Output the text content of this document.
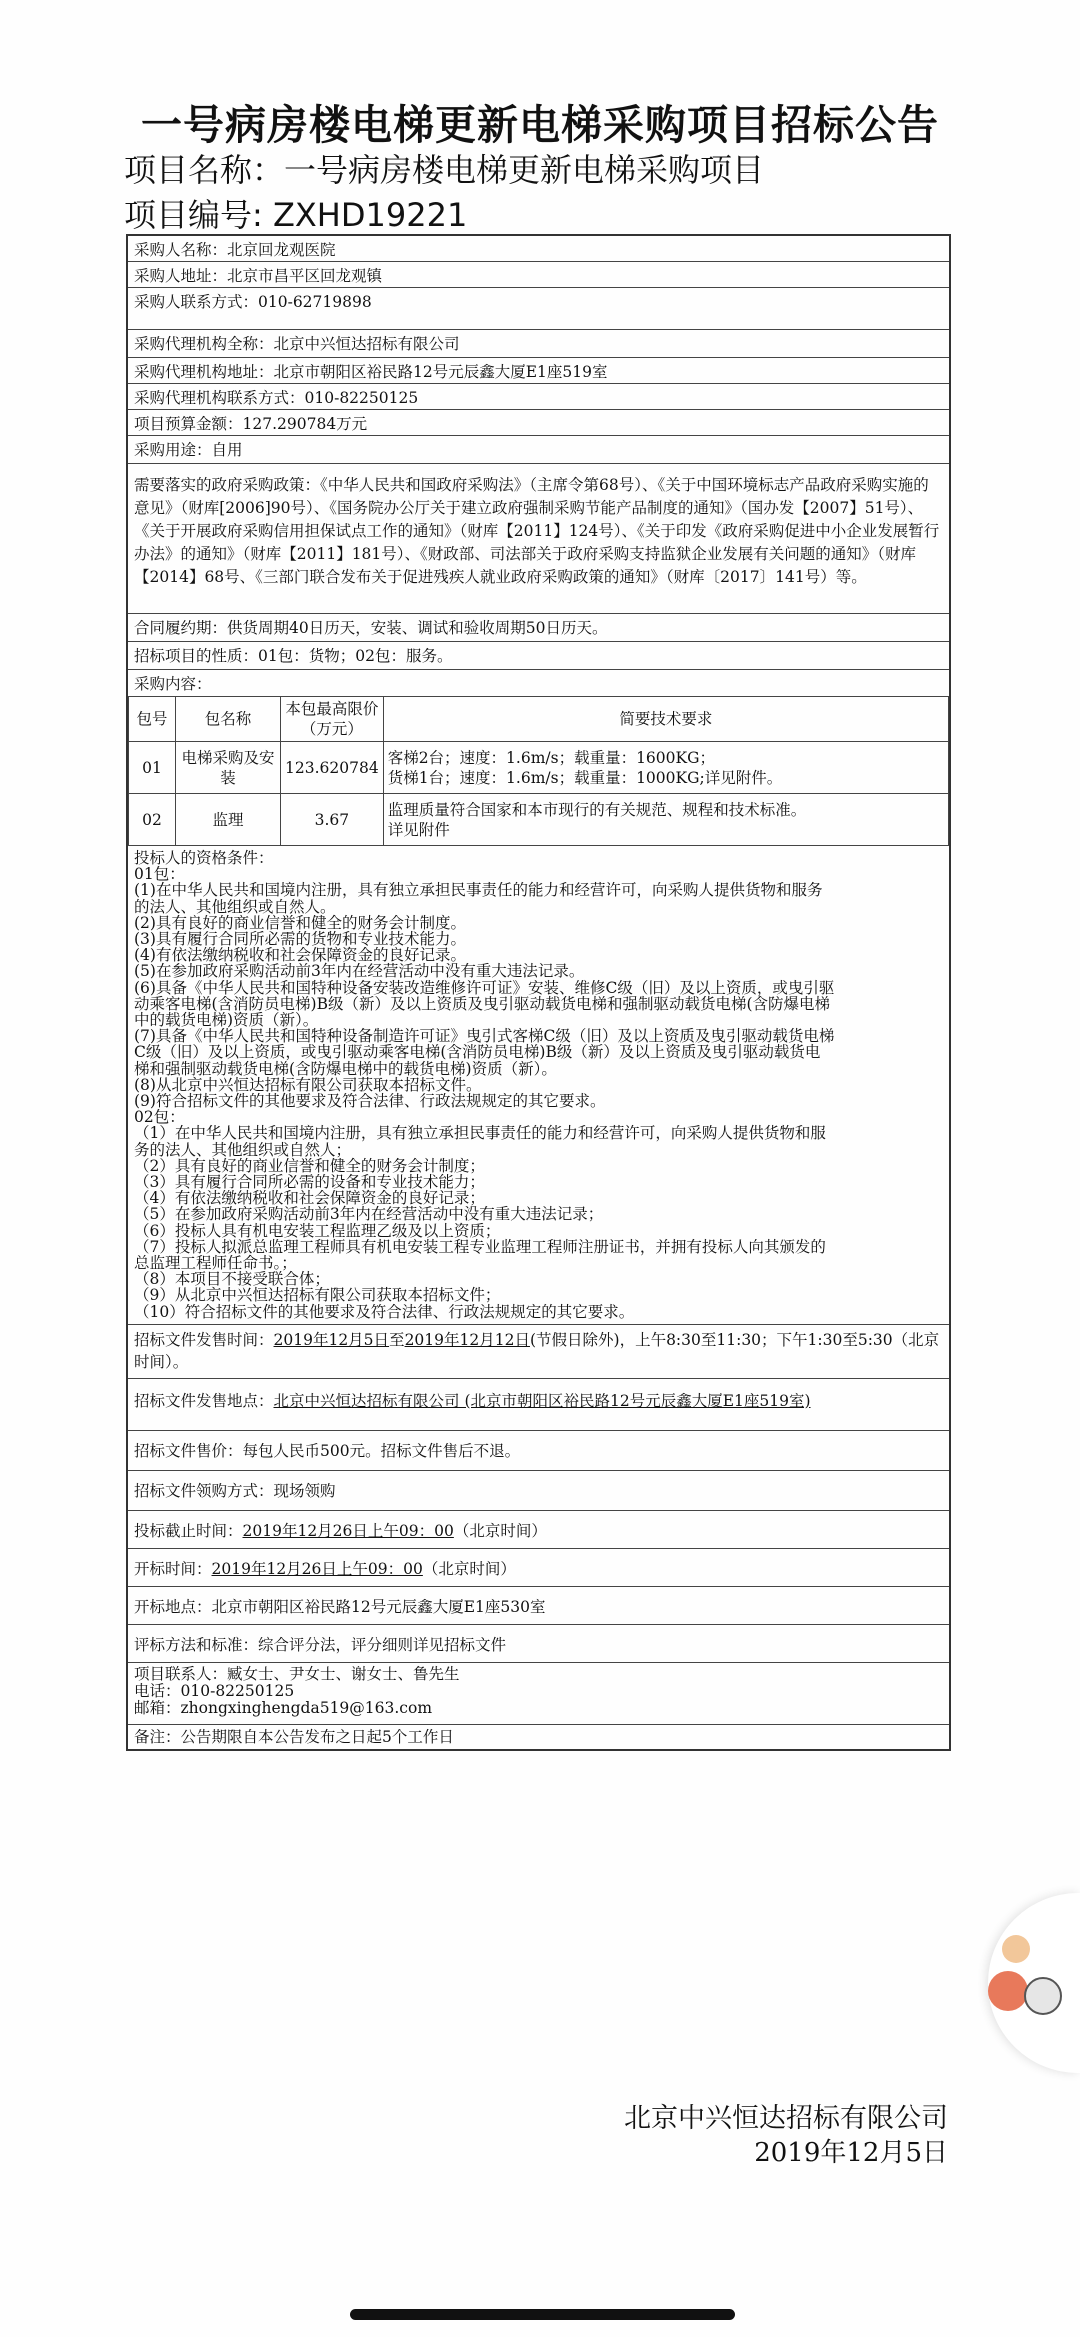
一号病房楼电梯更新电梯采购项目招标公告
项目名称：一号病房楼电梯更新电梯采购项目
项目编号: ZXHD19221
采购人名称：北京回龙观医院
采购人地址：北京市昌平区回龙观镇
采购人联系方式：010-62719898
采购代理机构全称：北京中兴恒达招标有限公司
采购代理机构地址：北京市朝阳区裕民路12号元辰鑫大厦E1座519室
采购代理机构联系方式：010-82250125
项目预算金额：127.290784万元
采购用途：自用
需要落实的政府采购政策：《中华人民共和国政府采购法》（主席令第68号）、《关于中国环境标志产品政府采购实施的意见》（财库[2006]90号）、《国务院办公厅关于建立政府强制采购节能产品制度的通知》（国办发【2007】51号）、《关于开展政府采购信用担保试点工作的通知》（财库【2011】124号）、《关于印发《政府采购促进中小企业发展暂行办法》的通知》（财库【2011】181号）、《财政部、司法部关于政府采购支持监狱企业发展有关问题的通知》（财库【2014】68号、《三部门联合发布关于促进残疾人就业政府采购政策的通知》（财库〔2017〕141号）等。
合同履约期：供货周期40日历天，安装、调试和验收周期50日历天。
招标项目的性质：01包：货物；02包：服务。
采购内容：
包号	包名称	本包最高限价（万元）	简要技术要求
01	电梯采购及安装	123.620784	客梯2台；速度：1.6m/s；载重量：1600KG；
货梯1台；速度：1.6m/s；载重量：1000KG;详见附件。

02	监理	3.67	监理质量符合国家和本市现行的有关规范、规程和技术标准。
详见附件
投标人的资格条件：
01包：
(1)在中华人民共和国境内注册，具有独立承担民事责任的能力和经营许可，向采购人提供货物和服务
的法人、其他组织或自然人。
(2)具有良好的商业信誉和健全的财务会计制度。
(3)具有履行合同所必需的货物和专业技术能力。
(4)有依法缴纳税收和社会保障资金的良好记录。
(5)在参加政府采购活动前3年内在经营活动中没有重大违法记录。
(6)具备《中华人民共和国特种设备安装改造维修许可证》安装、维修C级（旧）及以上资质，或曳引驱
动乘客电梯(含消防员电梯)B级（新）及以上资质及曳引驱动载货电梯和强制驱动载货电梯(含防爆电梯
中的载货电梯)资质（新）。
(7)具备《中华人民共和国特种设备制造许可证》曳引式客梯C级（旧）及以上资质及曳引驱动载货电梯
C级（旧）及以上资质，或曳引驱动乘客电梯(含消防员电梯)B级（新）及以上资质及曳引驱动载货电
梯和强制驱动载货电梯(含防爆电梯中的载货电梯)资质（新）。
(8)从北京中兴恒达招标有限公司获取本招标文件。
(9)符合招标文件的其他要求及符合法律、行政法规规定的其它要求。
02包：
（1）在中华人民共和国境内注册，具有独立承担民事责任的能力和经营许可，向采购人提供货物和服
务的法人、其他组织或自然人；
（2）具有良好的商业信誉和健全的财务会计制度；
（3）具有履行合同所必需的设备和专业技术能力；
（4）有依法缴纳税收和社会保障资金的良好记录；
（5）在参加政府采购活动前3年内在经营活动中没有重大违法记录；
（6）投标人具有机电安装工程监理乙级及以上资质；
（7）投标人拟派总监理工程师具有机电安装工程专业监理工程师注册证书，并拥有投标人向其颁发的
总监理工程师任命书。；
（8）本项目不接受联合体；
（9）从北京中兴恒达招标有限公司获取本招标文件；
（10）符合招标文件的其他要求及符合法律、行政法规规定的其它要求。
招标文件发售时间：2019年12月5日至2019年12月12日(节假日除外)，上午8:30至11:30；下午1:30至5:30（北京时间）。
招标文件发售地点： 北京中兴恒达招标有限公司 (北京市朝阳区裕民路12号元辰鑫大厦E1座519室)
招标文件售价：每包人民币500元。招标文件售后不退。
招标文件领购方式：现场领购
投标截止时间： 2019年12月26日上午09：00 （北京时间）
开标时间： 2019年12月26日上午09：00 （北京时间）
开标地点：北京市朝阳区裕民路12号元辰鑫大厦E1座530室
评标方法和标准：综合评分法，评分细则详见招标文件
项目联系人：臧女士、尹女士、谢女士、鲁先生
电话：010-82250125
邮箱：zhongxinghengda519@163.com
备注：公告期限自本公告发布之日起5个工作日
北京中兴恒达招标有限公司
2019年12月5日
